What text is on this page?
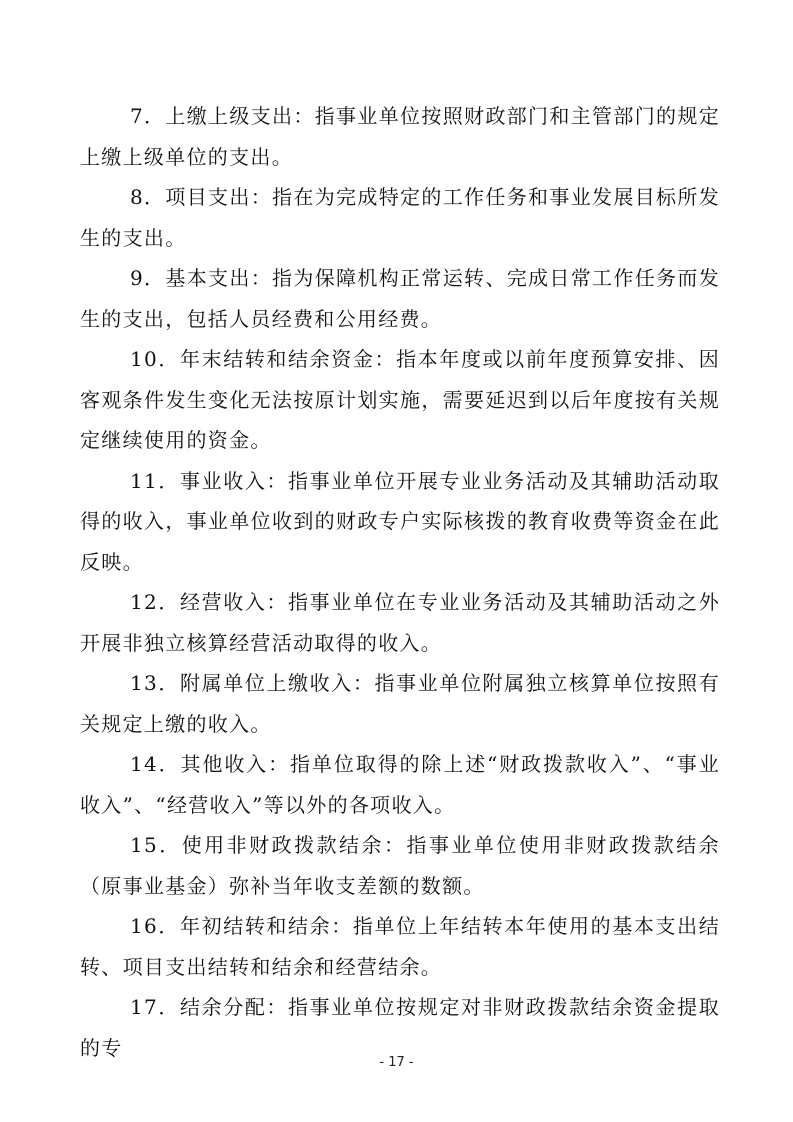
7．上缴上级支出：指事业单位按照财政部门和主管部门的规定上缴上级单位的支出。

8．项目支出：指在为完成特定的工作任务和事业发展目标所发生的支出。

9．基本支出：指为保障机构正常运转、完成日常工作任务而发生的支出，包括人员经费和公用经费。

10．年末结转和结余资金：指本年度或以前年度预算安排、因客观条件发生变化无法按原计划实施，需要延迟到以后年度按有关规定继续使用的资金。

11．事业收入：指事业单位开展专业业务活动及其辅助活动取得的收入，事业单位收到的财政专户实际核拨的教育收费等资金在此反映。

12．经营收入：指事业单位在专业业务活动及其辅助活动之外开展非独立核算经营活动取得的收入。

13．附属单位上缴收入：指事业单位附属独立核算单位按照有关规定上缴的收入。

14．其他收入：指单位取得的除上述“财政拨款收入”、“事业收入”、“经营收入”等以外的各项收入。

15．使用非财政拨款结余：指事业单位使用非财政拨款结余（原事业基金）弥补当年收支差额的数额。

16．年初结转和结余：指单位上年结转本年使用的基本支出结转、项目支出结转和结余和经营结余。

17．结余分配：指事业单位按规定对非财政拨款结余资金提取的专

- 17 -
